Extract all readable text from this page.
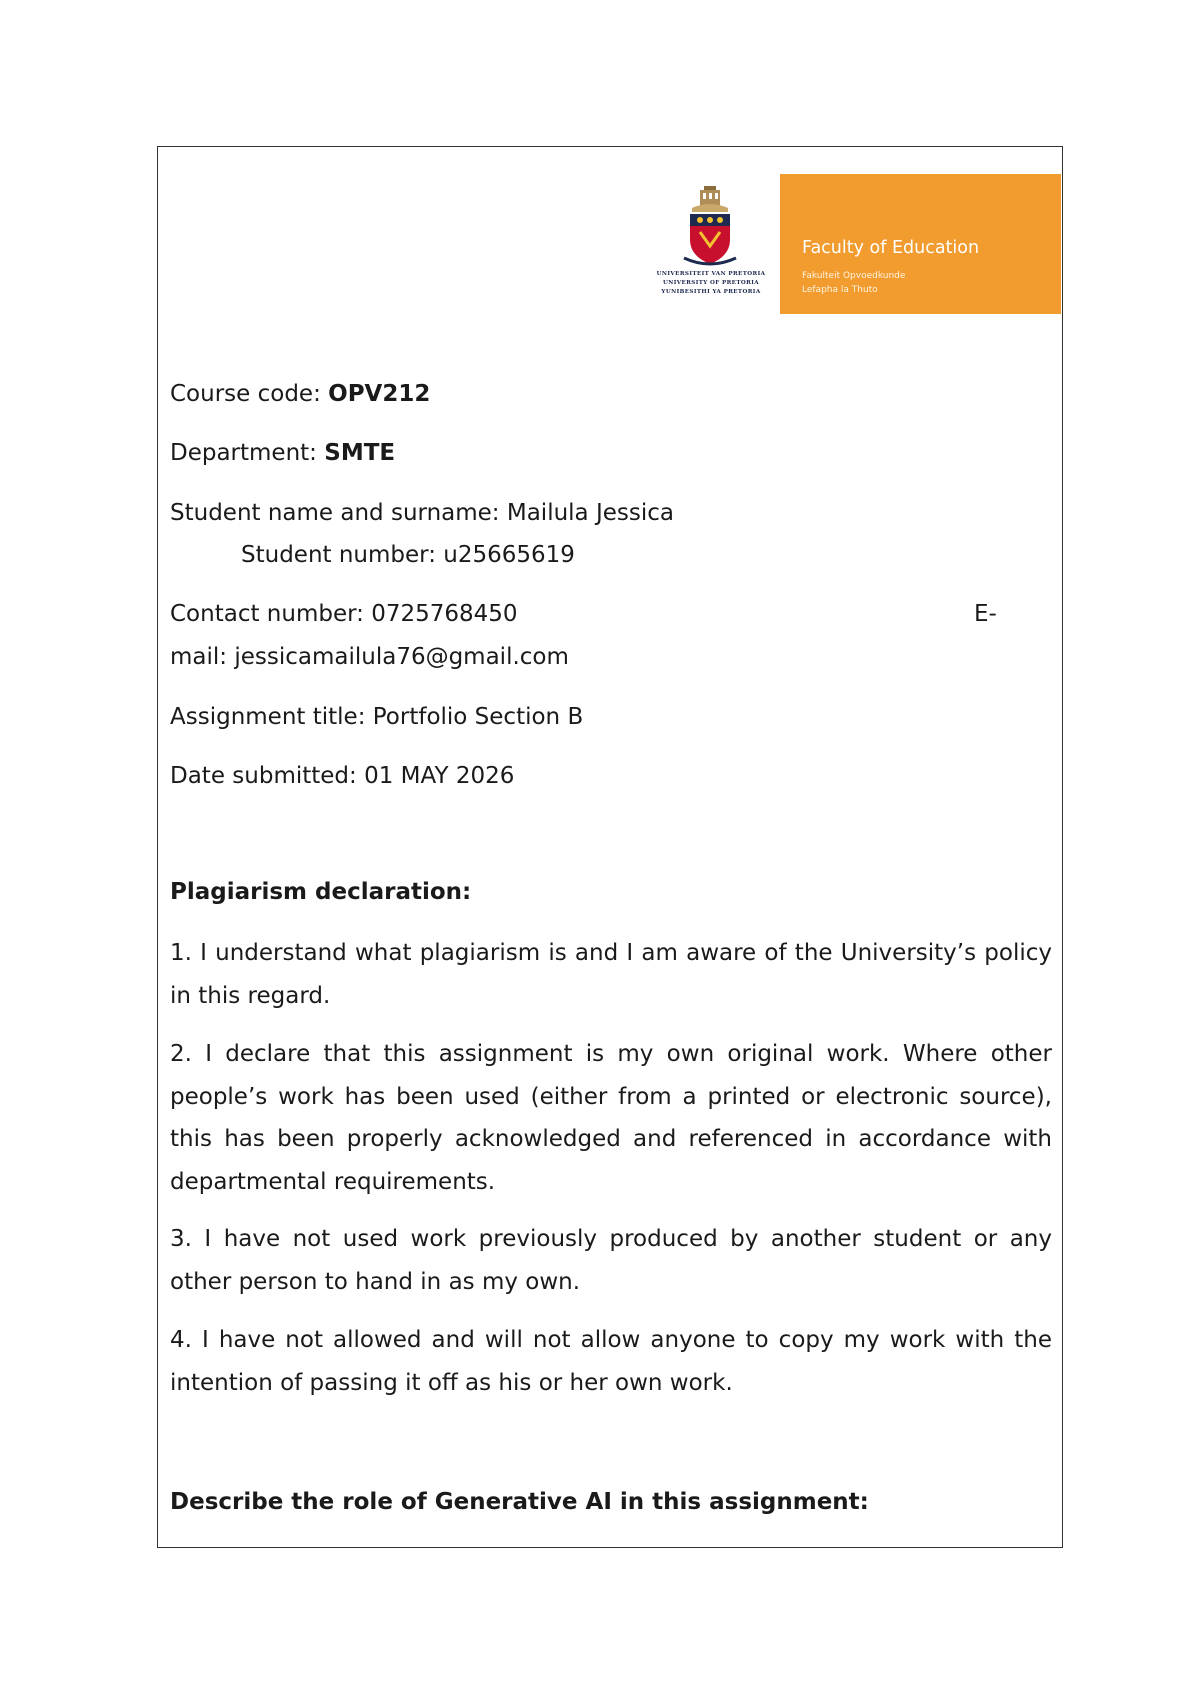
UNIVERSITEIT VAN PRETORIA
UNIVERSITY OF PRETORIA
YUNIBESITHI YA PRETORIA
Faculty of Education
Fakulteit Opvoedkunde
Lefapha la Thuto
Course code: OPV212
Department: SMTE
Student name and surname: Mailula Jessica
Student number: u25665619
Contact number: 0725768450	E-
mail: jessicamailula76@gmail.com
Assignment title: Portfolio Section B
Date submitted: 01 MAY 2026
Plagiarism declaration:

1. I understand what plagiarism is and I am aware of the University’s policy in this regard.

2. I declare that this assignment is my own original work. Where other people’s work has been used (either from a printed or electronic source), this has been properly acknowledged and referenced in accordance with departmental requirements.

3. I have not used work previously produced by another student or any other person to hand in as my own.

4. I have not allowed and will not allow anyone to copy my work with the intention of passing it off as his or her own work.

Describe the role of Generative AI in this assignment:
